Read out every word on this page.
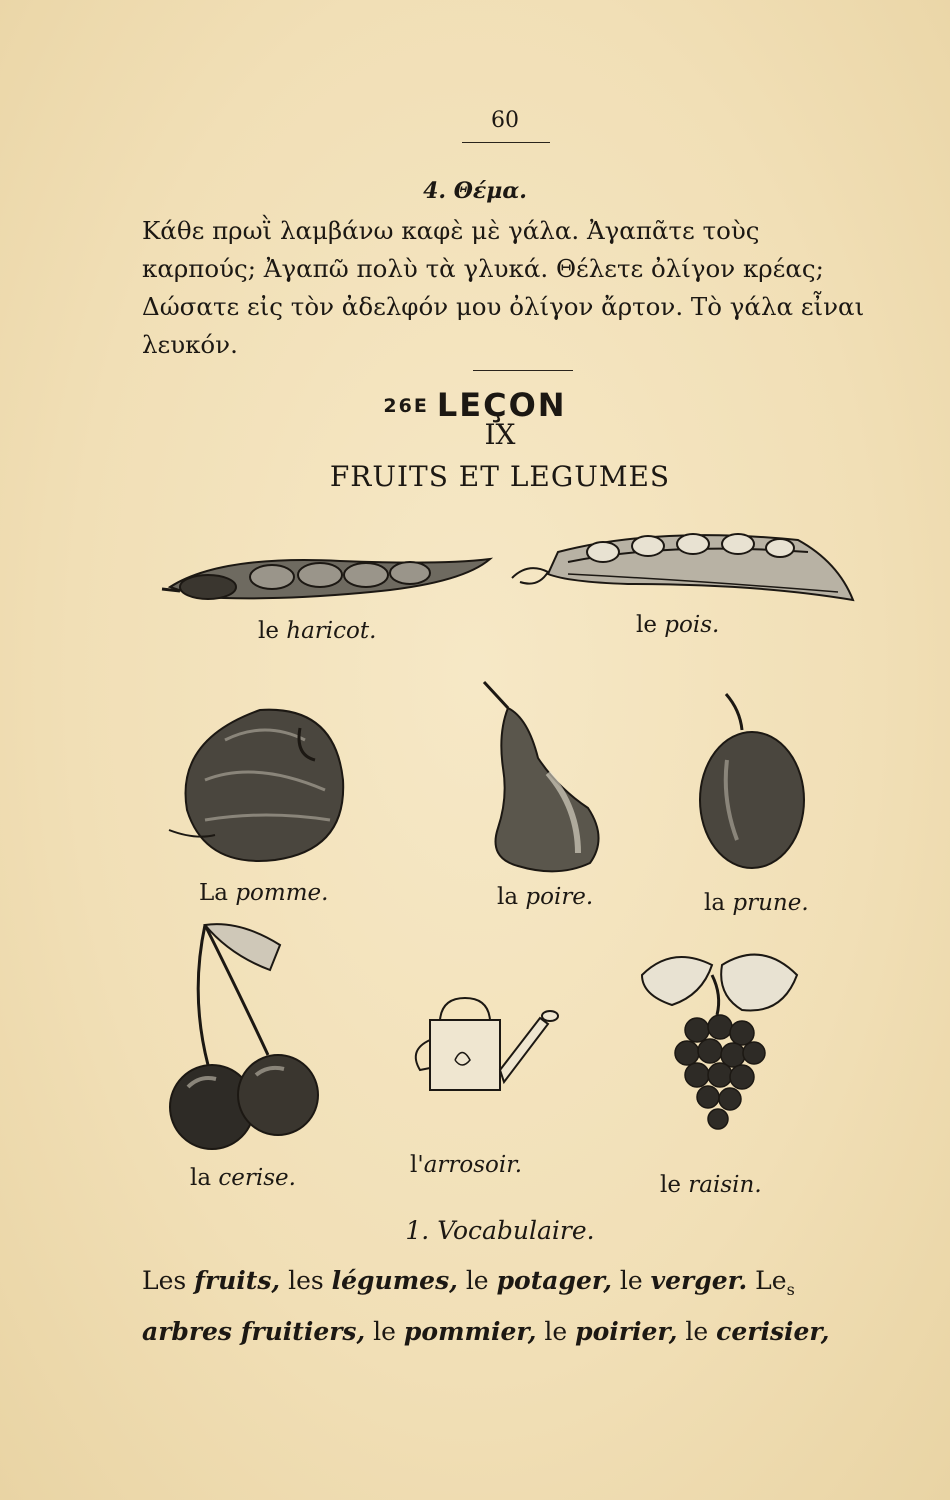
60
4. Θέμα.
Κάθε πρωῒ λαμβάνω καφὲ μὲ γάλα. Ἀγαπᾶτε τοὺς
καρπούς; Ἀγαπῶ πολὺ τὰ γλυκά. Θέλετε ὀλίγον κρέας;
Δώσατε εἰς τὸν ἀδελφόν μου ὀλίγον ἄρτον. Τὸ γάλα εἶναι
λευκόν.
26E LEÇON
IX
FRUITS ET LEGUMES
le haricot.	le pois.
La pomme.	la poire.	la prune.
la cerise.	l'arrosoir.
le raisin.
1. Vocabulaire.
Les fruits, les légumes, le potager, le verger. $Le_s$
arbres fruitiers, le pommier, le poirier, le cerisier,
